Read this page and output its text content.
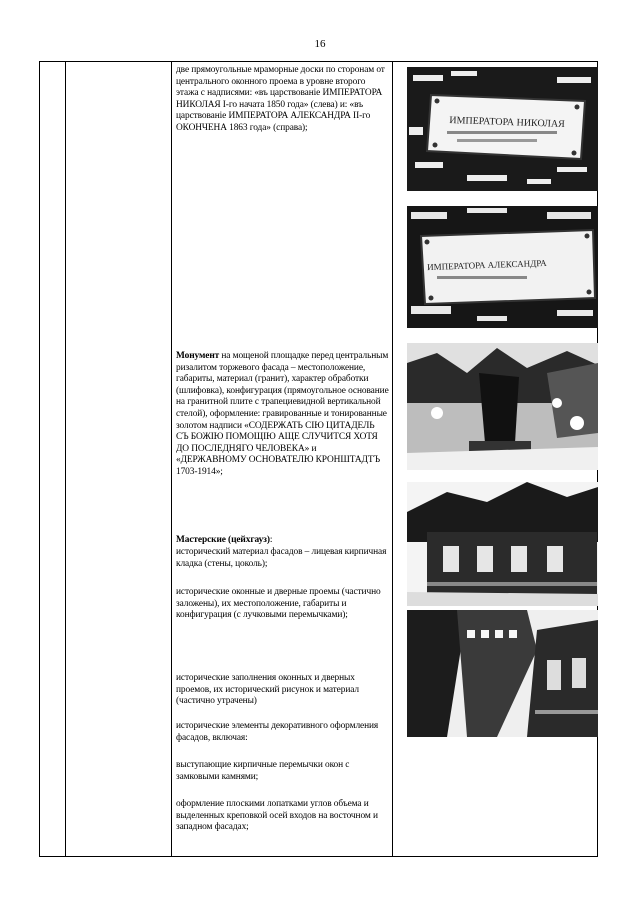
16

две прямоугольные мраморные доски по сторонам от центрального оконного проема в уровне второго этажа с надписями: «въ царствованiе ИМПЕРАТОРА НИКОЛАЯ I-го начата 1850 года» (слева) и: «въ царствованiе ИМПЕРАТОРА АЛЕКСАНДРА II-го ОКОНЧЕНА 1863 года» (справа);

Монумент на мощеной площадке перед центральным ризалитом торжевого фасада – местоположение, габариты, материал (гранит), характер обработки (шлифовка), конфигурация (прямоугольное основание на гранитной плите с трапециевидной вертикальной стелой), оформление: гравированные и тонированные золотом надписи «СОДЕРЖАТЬ СIЮ ЦИТАДЕЛЬ СЪ БОЖIЮ ПОМОЩIЮ АЩЕ СЛУЧИТСЯ ХОТЯ ДО ПОСЛЕДНЯГО ЧЕЛОВЕКА» и «ДЕРЖАВНОМУ ОСНОВАТЕЛЮ КРОНШТАДТЪ 1703-1914»;

Мастерские (цейхгауз):

исторический материал фасадов – лицевая кирпичная кладка (стены, цоколь);

исторические оконные и дверные проемы (частично заложены), их местоположение, габариты и конфигурация (с лучковыми перемычками);

исторические заполнения оконных и дверных проемов, их исторический рисунок и материал (частично утрачены)

исторические элементы декоративного оформления фасадов, включая:

выступающие кирпичные перемычки окон с замковыми камнями;

оформление плоскими лопатками углов объема и выделенных креповкой осей входов на восточном и западном фасадах;

ИМПЕРАТОРА НИКОЛАЯ
ИМПЕРАТОРА АЛЕКСАНДРА
